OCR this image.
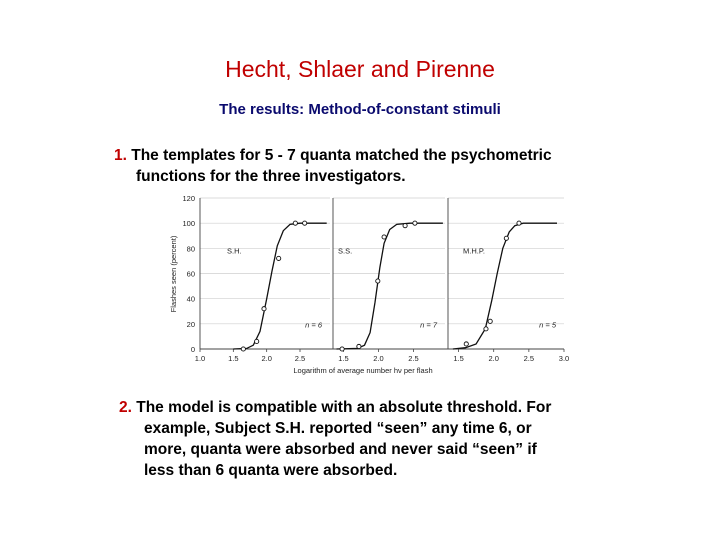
Hecht, Shlaer and Pirenne
The results: Method-of-constant stimuli
1. The templates for 5 - 7 quanta matched the psychometric
functions for the three investigators.
0
20
40
60
80
100
120
Flashes seen (percent)
1.0	1.5	2.0	2.5
S.H.
n = 6
1.5	2.0	2.5
S.S.
n = 7
1.5	2.0	2.5	3.0
M.H.P.
n = 5
Logarithm of average number hν per flash
2. The model is compatible with an absolute threshold. For
example, Subject S.H. reported “seen” any time 6, or
more, quanta were absorbed and never said “seen” if
less than 6 quanta were absorbed.
